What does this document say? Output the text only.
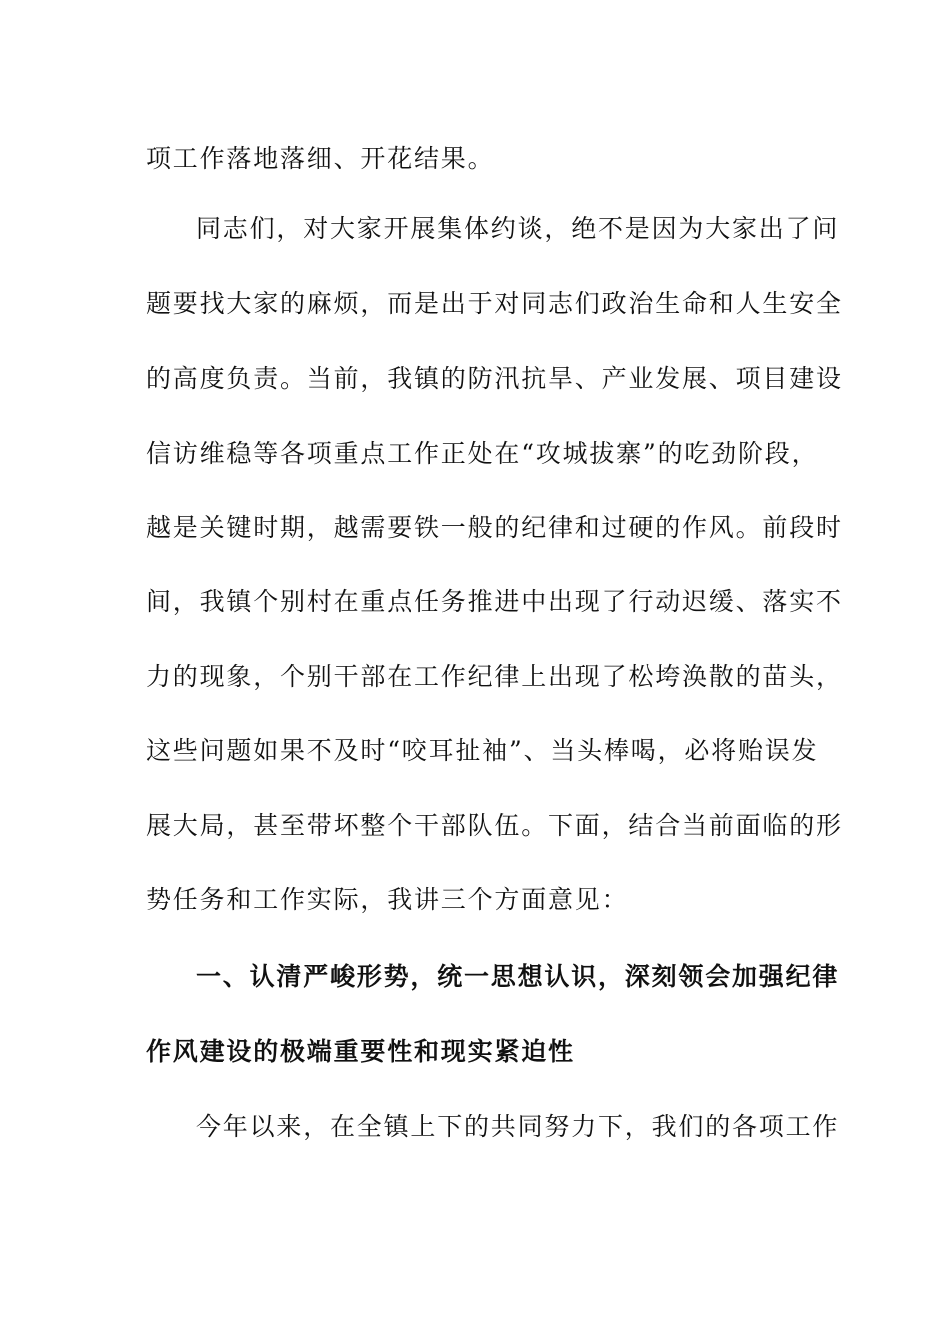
项工作落地落细、开花结果。
同志们，对大家开展集体约谈，绝不是因为大家出了问
题要找大家的麻烦，而是出于对同志们政治生命和人生安全
的高度负责。当前，我镇的防汛抗旱、产业发展、项目建设
信访维稳等各项重点工作正处在“攻城拔寨”的吃劲阶段，
越是关键时期，越需要铁一般的纪律和过硬的作风。前段时
间，我镇个别村在重点任务推进中出现了行动迟缓、落实不
力的现象，个别干部在工作纪律上出现了松垮涣散的苗头，
这些问题如果不及时“咬耳扯袖”、当头棒喝，必将贻误发
展大局，甚至带坏整个干部队伍。下面，结合当前面临的形
势任务和工作实际，我讲三个方面意见：
一、认清严峻形势，统一思想认识，深刻领会加强纪律
作风建设的极端重要性和现实紧迫性
今年以来，在全镇上下的共同努力下，我们的各项工作
